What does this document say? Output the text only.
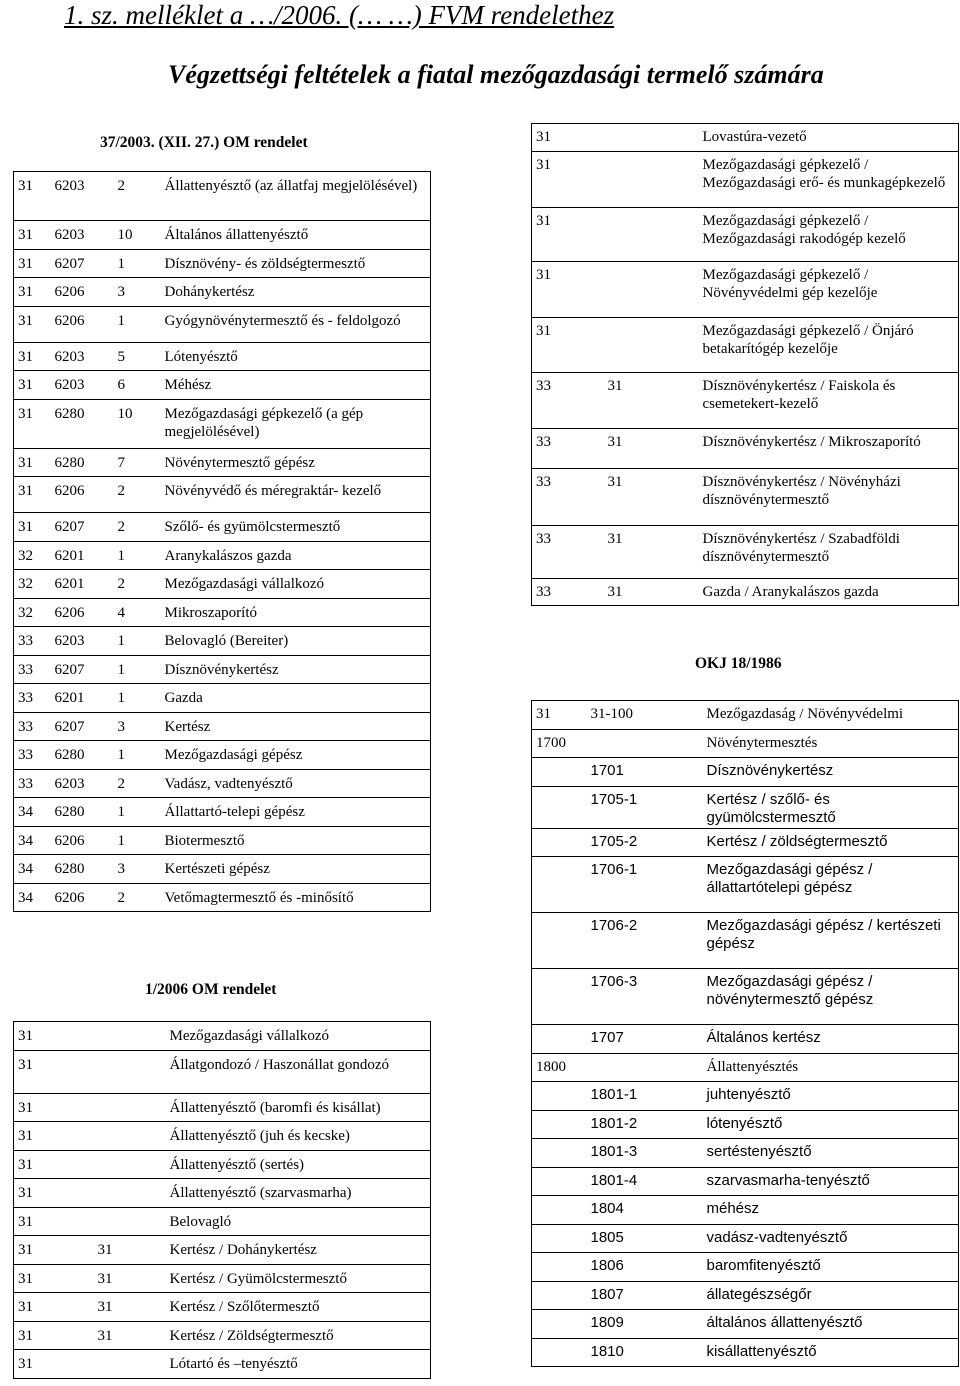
1. sz. melléklet a …/2006. (… …) FVM rendelethez
Végzettségi feltételek a fiatal mezőgazdasági termelő számára
37/2003. (XII. 27.) OM rendelet
31	6203	2	Állattenyésztő (az állatfaj megjelölésével)
31	6203	10	Általános állattenyésztő
31	6207	1	Dísznövény- és zöldségtermesztő
31	6206	3	Dohánykertész
31	6206	1	Gyógynövénytermesztő és - feldolgozó
31	6203	5	Lótenyésztő
31	6203	6	Méhész
31	6280	10	Mezőgazdasági gépkezelő (a gép megjelölésével)
31	6280	7	Növénytermesztő gépész
31	6206	2	Növényvédő és méregraktár- kezelő
31	6207	2	Szőlő- és gyümölcstermesztő
32	6201	1	Aranykalászos gazda
32	6201	2	Mezőgazdasági vállalkozó
32	6206	4	Mikroszaporító
33	6203	1	Belovagló (Bereiter)
33	6207	1	Dísznövénykertész
33	6201	1	Gazda
33	6207	3	Kertész
33	6280	1	Mezőgazdasági gépész
33	6203	2	Vadász, vadtenyésztő
34	6280	1	Állattartó-telepi gépész
34	6206	1	Biotermesztő
34	6280	3	Kertészeti gépész
34	6206	2	Vetőmagtermesztő és -minősítő
1/2006 OM rendelet
31		Mezőgazdasági vállalkozó
31		Állatgondozó / Haszonállat gondozó
31		Állattenyésztő (baromfi és kisállat)
31		Állattenyésztő (juh és kecske)
31		Állattenyésztő (sertés)
31		Állattenyésztő (szarvasmarha)
31		Belovagló
31	31	Kertész / Dohánykertész
31	31	Kertész / Gyümölcstermesztő
31	31	Kertész / Szőlőtermesztő
31	31	Kertész / Zöldségtermesztő
31		Lótartó és –tenyésztő
31		Lovastúra-vezető
31		Mezőgazdasági gépkezelő / Mezőgazdasági erő- és munkagépkezelő
31		Mezőgazdasági gépkezelő / Mezőgazdasági rakodógép kezelő
31		Mezőgazdasági gépkezelő / Növényvédelmi gép kezelője
31		Mezőgazdasági gépkezelő / Önjáró betakarítógép kezelője
33	31	Dísznövénykertész / Faiskola és csemetekert-kezelő
33	31	Dísznövénykertész / Mikroszaporító
33	31	Dísznövénykertész / Növényházi dísznövénytermesztő
33	31	Dísznövénykertész / Szabadföldi dísznövénytermesztő
33	31	Gazda / Aranykalászos gazda
OKJ 18/1986
31	31-100	Mezőgazdaság / Növényvédelmi
1700		Növénytermesztés
	1701	Dísznövénykertész
	1705-1	Kertész / szőlő- és gyümölcstermesztő
	1705-2	Kertész / zöldségtermesztő
	1706-1	Mezőgazdasági gépész / állattartótelepi gépész
	1706-2	Mezőgazdasági gépész / kertészeti gépész
	1706-3	Mezőgazdasági gépész / növénytermesztő gépész
	1707	Általános kertész
1800		Állattenyésztés
	1801-1	juhtenyésztő
	1801-2	lótenyésztő
	1801-3	sertéstenyésztő
	1801-4	szarvasmarha-tenyésztő
	1804	méhész
	1805	vadász-vadtenyésztő
	1806	baromfitenyésztő
	1807	állategészségőr
	1809	általános állattenyésztő
	1810	kisállattenyésztő
